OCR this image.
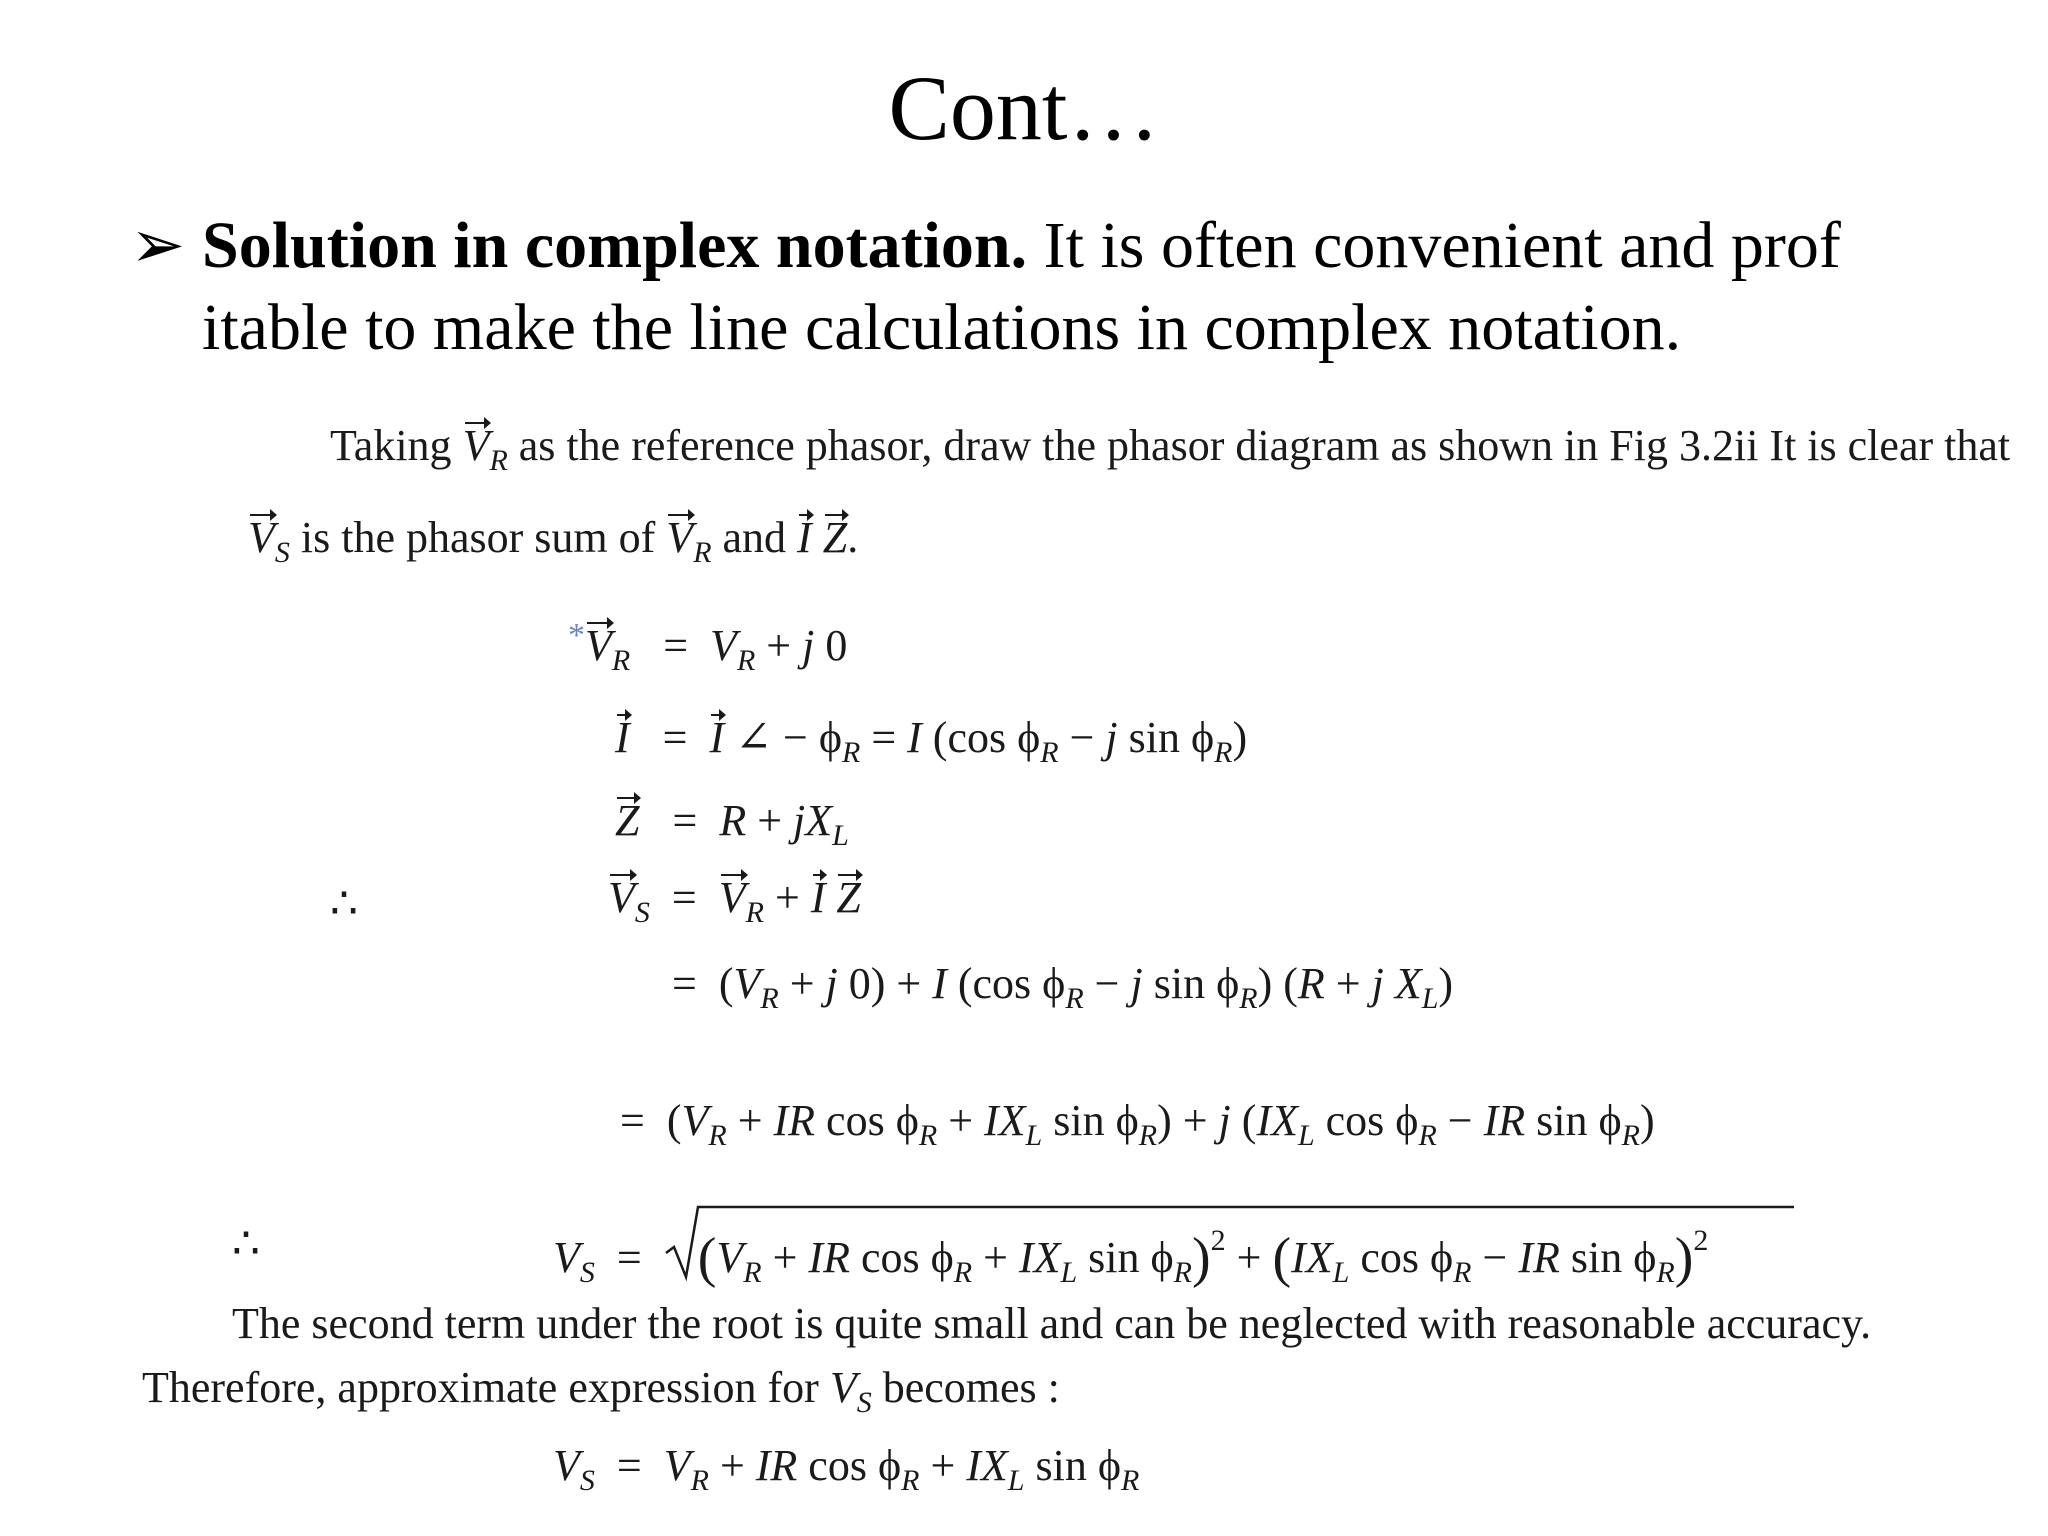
Cont…
➢ Solution in complex notation. It is often convenient and prof itable to make the line calculations in complex notation.
Taking $V_R$ as the reference phasor, draw the phasor diagram as shown in Fig 3.2ii It is clear that
$V_S$ is the phasor sum of $V_R$ and I Z.
$^*V_R = V_R + j$ 0
I   =  I ∠ − $\phi_R = I$ (cos $\phi_R - j$ $\sin \phi_R$)
$Z = R + jX_L$
∴	$V_S = V_R + I$ Z
=  ($V_R + j$ 0) + I (cos $\phi_R - j$ $\sin \phi_R$) (R + j $X_L$)
=  ($V_R$ + IR $\cos \phi_R + IX_L$ $\sin \phi_R) + j$ ($IX_L$ $\cos \phi_R$ − IR $\sin \phi_R$)
∴	$V_S$  =
($V_R$ + IR $\cos \phi_R + IX_L$ $\sin \phi_R)^2 + (IX_L$ $\cos \phi_R$ − IR $\sin \phi_R)^2$
The second term under the root is quite small and can be neglected with reasonable accuracy.
Therefore, approximate expression for $V_S$ becomes :
$V_S = V_R$ + IR $\cos \phi_R + IX_L$ $\sin \phi_R$
